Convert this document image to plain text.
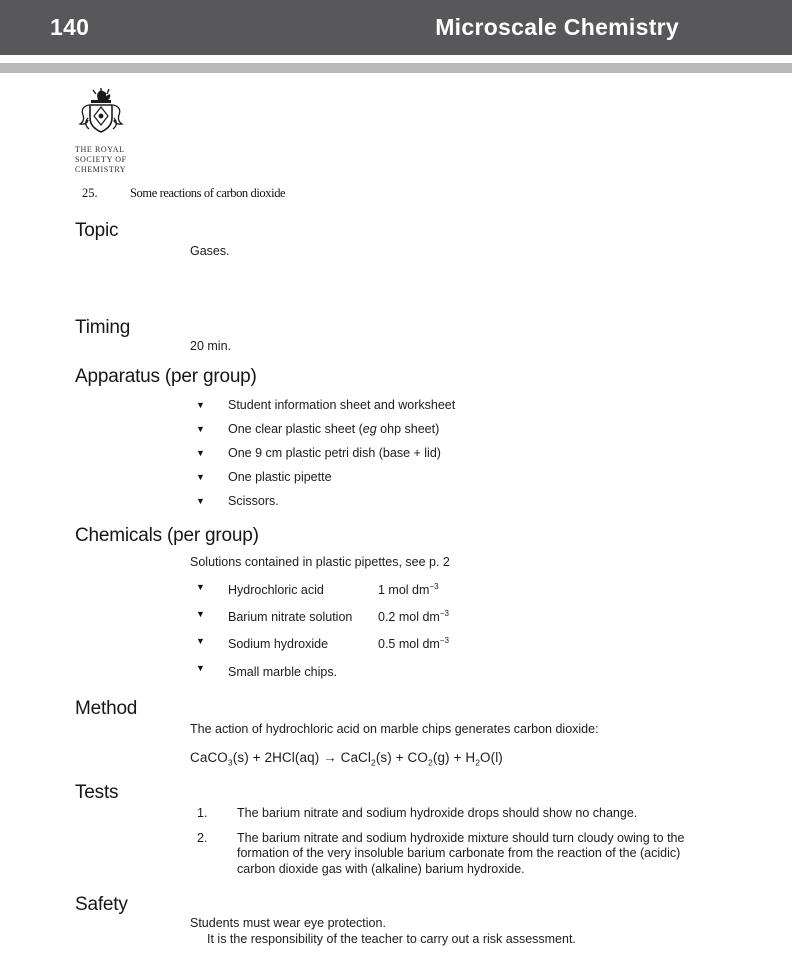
140	Microscale Chemistry
THE ROYAL
SOCIETY OF
CHEMISTRY
25.	Some reactions of carbon dioxide
Topic
Gases.
Timing
20 min.
Apparatus (per group)
▼	Student information sheet and worksheet
▼	One clear plastic sheet (eg ohp sheet)
▼	One 9 cm plastic petri dish (base + lid)
▼	One plastic pipette
▼	Scissors.
Chemicals (per group)
Solutions contained in plastic pipettes, see p. 2
▼	Hydrochloric acid	1 mol $dm^{-3}$
▼	Barium nitrate solution 0.2 mol $dm^{-3}$
▼	Sodium hydroxide	0.5 mol $dm^{-3}$
▼	Small marble chips.
Method
The action of hydrochloric acid on marble chips generates carbon dioxide:
CaCO$_3$(s) + 2HCl(aq) → CaCl$_2$(s) + $CO_2(g) + H_2O(l)$
Tests
1.	The barium nitrate and sodium hydroxide drops should show no change.
2.	The barium nitrate and sodium hydroxide mixture should turn cloudy owing to the formation of the very insoluble barium carbonate from the reaction of the (acidic) carbon dioxide gas with (alkaline) barium hydroxide.
Safety
Students must wear eye protection.
It is the responsibility of the teacher to carry out a risk assessment.
